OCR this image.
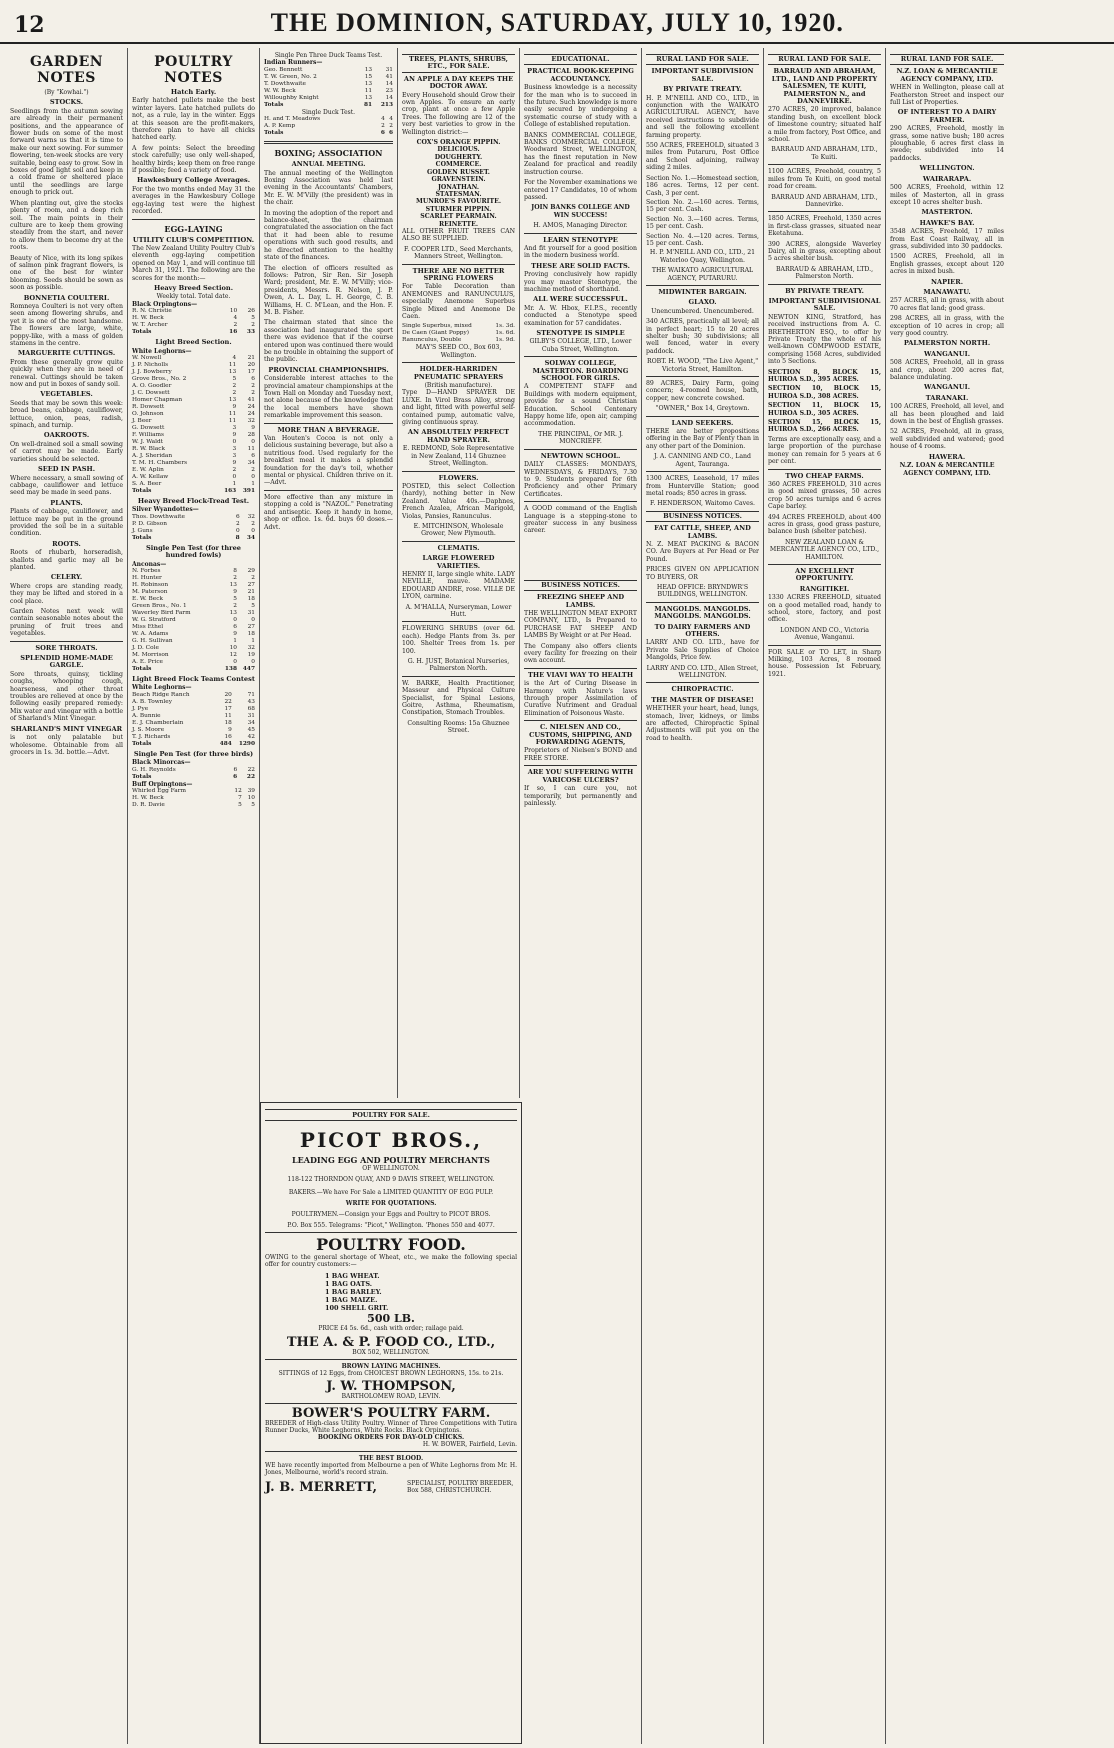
12	THE DOMINION, SATURDAY, JULY 10, 1920.
GARDEN NOTES
(By "Kowhai.")
STOCKS.

Seedlings from the autumn sowing are already in their permanent positions, and the appearance of flower buds on some of the most forward warns us that it is time to make our next sowing. For summer flowering, ten-week stocks are very suitable, being easy to grow. Sow in boxes of good light soil and keep in a cold frame or sheltered place until the seedlings are large enough to prick out.

When planting out, give the stocks plenty of room, and a deep rich soil. The main points in their culture are to keep them growing steadily from the start, and never to allow them to become dry at the roots.

Beauty of Nice, with its long spikes of salmon pink fragrant flowers, is one of the best for winter blooming. Seeds should be sown as soon as possible.

BONNETIA COULTERI.

Romneya Coulteri is not very often seen among flowering shrubs, and yet it is one of the most handsome. The flowers are large, white, poppy-like, with a mass of golden stamens in the centre.

MARGUERITE CUTTINGS.

From these generally grow quite quickly when they are in need of renewal. Cuttings should be taken now and put in boxes of sandy soil.

VEGETABLES.

Seeds that may be sown this week: broad beans, cabbage, cauliflower, lettuce, onion, peas, radish, spinach, and turnip.

OAKROOTS.

On well-drained soil a small sowing of carrot may be made. Early varieties should be selected.

SEED IN PASH.

Where necessary, a small sowing of cabbage, cauliflower and lettuce seed may be made in seed pans.

PLANTS.

Plants of cabbage, cauliflower, and lettuce may be put in the ground provided the soil be in a suitable condition.

ROOTS.

Roots of rhubarb, horseradish, shallots and garlic may all be planted.

CELERY.

Where crops are standing ready, they may be lifted and stored in a cool place.

Garden Notes next week will contain seasonable notes about the pruning of fruit trees and vegetables.

SORE THROATS.
SPLENDID HOME-MADE GARGLE.

Sore throats, quinsy, tickling coughs, whooping cough, hoarseness, and other throat troubles are relieved at once by the following easily prepared remedy: Mix water and vinegar with a bottle of Sharland's Mint Vinegar.

SHARLAND'S MINT VINEGAR

is not only palatable but wholesome. Obtainable from all grocers in 1s. 3d. bottle.—Advt.

POULTRY NOTES
Hatch Early.

Early hatched pullets make the best winter layers. Late hatched pullets do not, as a rule, lay in the winter. Eggs at this season are the profit-makers, therefore plan to have all chicks hatched early.

A few points: Select the breeding stock carefully; use only well-shaped, healthy birds; keep them on free range if possible; feed a variety of food.

Hawkesbury College Averages.

For the two months ended May 31 the averages in the Hawkesbury College egg-laying test were the highest recorded.

EGG-LAYING
UTILITY CLUB'S COMPETITION.

The New Zealand Utility Poultry Club's eleventh egg-laying competition opened on May 1, and will continue till March 31, 1921. The following are the scores for the month:—

Heavy Breed Section.
Weekly total. Total date.
Black Orpingtons—
R. N. Christie	10	26
H. W. Beck	4	5
W. T. Archer	2	2
Totals	16	33
Light Breed Section.
White Leghorns—
W. Nowell	4	21
J. P. Nicholls	11	20
J. J. Bowberry	13	17
Grove Bros., No. 2	5	6
A. O. Goodler	2	2
J. C. Dowsett	2	2
Homer Chapman	13	41
R. Dowsett	9	24
O. Johnson	11	24
J. Beer	11	32
G. Dowsett	3	9
F. Williams	9	28
W. J. Waldt	0	0
R. W. Black	3	11
A. J. Sheridan	3	6
T. M. H. Chambers	9	34
E. W. Aplin	2	2
A. W. Kellaw	0	0
S. A. Beer	1	1
Totals	163	391
Heavy Breed Flock-Tread Test.
Silver Wyandottes—
Thos. Dowthwaite	6	32
P. D. Gibson	2	2
J. Guns	0	0
Totals	8	34
Single Pen Test (for three hundred fowls)
Anconas—
N. Forbes	8	29
H. Hunter	2	2
H. Robinson	13	27
M. Paterson	9	21
E. W. Beck	5	18
Green Bros., No. 1	2	5
Waverley Bird Farm	13	31
W. G. Stratford	0	0
Miss Ethel	6	27
W. A. Adams	9	18
G. H. Sullivan	1	1
J. D. Cole	10	32
M. Morrison	12	19
A. E. Price	0	0
Totals	138	447
Light Breed Flock Teams Contest
White Leghorns—
Beach Ridge Ranch	20	71
A. B. Townley	22	43
J. Pye	17	68
A. Bunnie	11	31
E. J. Chamberlain	18	34
J. S. Moore	9	45
T. J. Richards	16	42
Totals	484	1290
Single Pen Test (for three birds)
Black Minorcas—
G. H. Reynolds	6	22
Totals	6	22
Buff Orpingtons—
Whirled Egg Farm	12	39
H. W. Beck	7	10
D. R. Davie	5	5
Single Pen Three Duck Teams Test.
Indian Runners—
Geo. Bennett	13	31
T. W. Green, No. 2	15	41
T. Dowthwaite	13	14
W. W. Beck	11	23
Willoughby Knight	13	14
Totals	81	213
Single Duck Test.
H. and T. Meadows	4	4
A. P. Kemp	2	2
Totals	6	6
BOXING; ASSOCIATION
ANNUAL MEETING.

The annual meeting of the Wellington Boxing Association was held last evening in the Accountants' Chambers, Mr. E. W. M'Villy (the president) was in the chair.

In moving the adoption of the report and balance-sheet, the chairman congratulated the association on the fact that it had been able to resume operations with such good results, and he directed attention to the healthy state of the finances.

The election of officers resulted as follows: Patron, Sir Ren. Sir Joseph Ward; president, Mr. E. W. M'Villy; vice-presidents, Messrs. R. Nelson, J. P. Owen, A. L. Day, L. H. George, C. B. Williams, H. C. M'Lean, and the Hon. F. M. B. Fisher.

The chairman stated that since the association had inaugurated the sport there was evidence that if the course entered upon was continued there would be no trouble in obtaining the support of the public.

PROVINCIAL CHAMPIONSHIPS.

Considerable interest attaches to the provincial amateur championships at the Town Hall on Monday and Tuesday next, not alone because of the knowledge that the local members have shown remarkable improvement this season.

MORE THAN A BEVERAGE.

Van Houten's Cocoa is not only a delicious sustaining beverage, but also a nutritious food. Used regularly for the breakfast meal it makes a splendid foundation for the day's toil, whether mental or physical. Children thrive on it.—Advt.

More effective than any mixture in stopping a cold is "NAZOL." Penetrating and antiseptic. Keep it handy in home, shop or office. 1s. 6d. buys 60 doses.—Advt.

TREES, PLANTS, SHRUBS, ETC., FOR SALE.
AN APPLE A DAY KEEPS THE DOCTOR AWAY.

Every Household should Grow their own Apples. To ensure an early crop, plant at once a few Apple Trees. The following are 12 of the very best varieties to grow in the Wellington district:—

COX'S ORANGE PIPPIN.
DELICIOUS.
DOUGHERTY.
COMMERCE.
GOLDEN RUSSET.
GRAVENSTEIN.
JONATHAN.
STATESMAN.
MUNROE'S FAVOURITE.
STURMER PIPPIN.
SCARLET PEARMAIN.
REINETTE.

ALL OTHER FRUIT TREES CAN ALSO BE SUPPLIED.

F. COOPER LTD., Seed Merchants, Manners Street, Wellington.

THERE ARE NO BETTER SPRING FLOWERS

For Table Decoration than ANEMONES and RANUNCULUS, especially Anemone Superbus Single Mixed and Anemone De Caen.

Single Superbus, mixed	1s. 3d.
De Caen (Giant Poppy)	1s. 6d.
Ranunculus, Double	1s. 9d.

MAY'S SEED CO., Box 603, Wellington.

HOLDER-HARRIDEN PNEUMATIC SPRAYERS
(British manufacture).

Type D—HAND SPRAYER DE LUXE. In Virol Brass Alloy, strong and light, fitted with powerful self-contained pump, automatic valve, giving continuous spray.

AN ABSOLUTELY PERFECT HAND SPRAYER.

E. REDMOND, Sole Representative in New Zealand, 114 Ghuznee Street, Wellington.

FLOWERS.

POSTED, this select Collection (hardy), nothing better in New Zealand. Value 40s.—Daphnes, French Azalea, African Marigold, Violas, Pansies, Ranunculus.

E. MITCHINSON, Wholesale Grower, New Plymouth.

CLEMATIS.
LARGE FLOWERED VARIETIES.

HENRY II, large single white. LADY NEVILLE, mauve. MADAME EDOUARD ANDRE, rose. VILLE DE LYON, carmine.

A. M'HALLA, Nurseryman, Lower Hutt.

FLOWERING SHRUBS (over 6d. each). Hedge Plants from 3s. per 100. Shelter Trees from 1s. per 100.

G. H. JUST, Botanical Nurseries, Palmerston North.

W. BARKE, Health Practitioner, Masseur and Physical Culture Specialist, for Spinal Lesions, Goitre, Asthma, Rheumatism, Constipation, Stomach Troubles.

Consulting Rooms: 15a Ghuznee Street.

EDUCATIONAL.
PRACTICAL BOOK-KEEPING ACCOUNTANCY.

Business knowledge is a necessity for the man who is to succeed in the future. Such knowledge is more easily secured by undergoing a systematic course of study with a College of established reputation.

BANKS COMMERCIAL COLLEGE, BANKS COMMERCIAL COLLEGE, Woodward Street, WELLINGTON, has the finest reputation in New Zealand for practical and readily instruction course.

For the November examinations we entered 17 Candidates, 10 of whom passed.

JOIN BANKS COLLEGE AND WIN SUCCESS!

H. AMOS, Managing Director.

LEARN STENOTYPE

And fit yourself for a good position in the modern business world.

THESE ARE SOLID FACTS.

Proving conclusively how rapidly you may master Stenotype, the machine method of shorthand.

ALL WERE SUCCESSFUL.

Mr. A. W. Hbox, F.I.P.S., recently conducted a Stenotype speed examination for 57 candidates.

STENOTYPE IS SIMPLE

GILBY'S COLLEGE, LTD., Lower Cuba Street, Wellington.

SOLWAY COLLEGE, MASTERTON. BOARDING SCHOOL FOR GIRLS.

A COMPETENT STAFF and Buildings with modern equipment, provide for a sound Christian Education. School Centenary Happy home life, open air, camping accommodation.

THE PRINCIPAL, Or MR. J. MONCRIEFF.

NEWTOWN SCHOOL.

DAILY CLASSES: MONDAYS, WEDNESDAYS, & FRIDAYS, 7.30 to 9. Students prepared for 6th Proficiency and other Primary Certificates.

A GOOD command of the English Language is a stepping-stone to greater success in any business career.

BUSINESS NOTICES.
FREEZING SHEEP AND LAMBS.

THE WELLINGTON MEAT EXPORT COMPANY, LTD., Is Prepared to PURCHASE FAT SHEEP AND LAMBS By Weight or at Per Head.

The Company also offers clients every facility for freezing on their own account.

THE VIAVI WAY TO HEALTH

is the Art of Curing Disease in Harmony with Nature's laws through proper Assimilation of Curative Nutriment and Gradual Elimination of Poisonous Waste.

C. NIELSEN AND CO., CUSTOMS, SHIPPING, AND FORWARDING AGENTS,

Proprietors of Nielsen's BOND and FREE STORE.

ARE YOU SUFFERING WITH VARICOSE ULCERS?

If so, I can cure you, not temporarily, but permanently and painlessly.

RURAL LAND FOR SALE.
IMPORTANT SUBDIVISION SALE.
BY PRIVATE TREATY.

H. P. M'NEILL AND CO., LTD., in conjunction with the WAIKATO AGRICULTURAL AGENCY, have received instructions to subdivide and sell the following excellent farming property.

550 ACRES, FREEHOLD, situated 3 miles from Putaruru, Post Office and School adjoining, railway siding 2 miles.

Section No. 1.—Homestead section, 186 acres. Terms, 12 per cent. Cash, 3 per cent.
Section No. 2.—160 acres. Terms, 15 per cent. Cash.
Section No. 3.—160 acres. Terms, 15 per cent. Cash.
Section No. 4.—120 acres. Terms, 15 per cent. Cash.

H. P. M'NEILL AND CO., LTD., 21 Waterloo Quay, Wellington.

THE WAIKATO AGRICULTURAL AGENCY, PUTARURU.

MIDWINTER BARGAIN.
GLAXO.

Unencumbered. Unencumbered.

340 ACRES, practically all level; all in perfect heart; 15 to 20 acres shelter bush; 30 subdivisions; all well fenced, water in every paddock.

ROBT. H. WOOD, "The Live Agent," Victoria Street, Hamilton.

89 ACRES, Dairy Farm, going concern; 4-roomed house, bath, copper, new concrete cowshed.

"OWNER," Box 14, Greytown.

LAND SEEKERS.

THERE are better propositions offering in the Bay of Plenty than in any other part of the Dominion.

J. A. CANNING AND CO., Land Agent, Tauranga.

1300 ACRES, Leasehold, 17 miles from Hunterville Station; good metal roads; 850 acres in grass.

F. HENDERSON, Waitomo Caves.

BUSINESS NOTICES.
FAT CATTLE, SHEEP, AND LAMBS.

N. Z. MEAT PACKING & BACON CO. Are Buyers at Per Head or Per Pound.

PRICES GIVEN ON APPLICATION TO BUYERS, OR

HEAD OFFICE: BRYNDWR'S BUILDINGS, WELLINGTON.

MANGOLDS. MANGOLDS. MANGOLDS. MANGOLDS.
TO DAIRY FARMERS AND OTHERS.

LARRY AND CO. LTD., have for Private Sale Supplies of Choice Mangolds, Price few.

LARRY AND CO. LTD., Allen Street, WELLINGTON.

CHIROPRACTIC.
THE MASTER OF DISEASE!

WHETHER your heart, head, lungs, stomach, liver, kidneys, or limbs are affected, Chiropractic Spinal Adjustments will put you on the road to health.

RURAL LAND FOR SALE.
BARRAUD AND ABRAHAM, LTD., LAND AND PROPERTY SALESMEN, TE KUITI, PALMERSTON N., and DANNEVIRKE.

270 ACRES, 20 improved, balance standing bush, on excellent block of limestone country; situated half a mile from factory, Post Office, and school.

BARRAUD AND ABRAHAM, LTD., Te Kuiti.

1100 ACRES, Freehold, country, 5 miles from Te Kuiti, on good metal road for cream.

BARRAUD AND ABRAHAM, LTD., Dannevirke.

1850 ACRES, Freehold, 1350 acres in first-class grasses, situated near Eketahuna.

390 ACRES, alongside Waverley Dairy, all in grass, excepting about 5 acres shelter bush.

BARRAUD & ABRAHAM, LTD., Palmerston North.

BY PRIVATE TREATY.
IMPORTANT SUBDIVISIONAL SALE.

NEWTON KING, Stratford, has received instructions from A. C. BRETHERTON ESQ., to offer by Private Treaty the whole of his well-known COMPWOOD ESTATE, comprising 1568 Acres, subdivided into 5 Sections.

SECTION 8, BLOCK 15, HUIROA S.D., 395 ACRES.
SECTION 10, BLOCK 15, HUIROA S.D., 308 ACRES.
SECTION 11, BLOCK 15, HUIROA S.D., 305 ACRES.
SECTION 15, BLOCK 15, HUIROA S.D., 266 ACRES.

Terms are exceptionally easy, and a large proportion of the purchase money can remain for 5 years at 6 per cent.

TWO CHEAP FARMS.

360 ACRES FREEHOLD, 310 acres in good mixed grasses, 50 acres crop 50 acres turnips and 6 acres Cape barley.

494 ACRES FREEHOLD, about 400 acres in grass, good grass pasture, balance bush (shelter patches).

NEW ZEALAND LOAN & MERCANTILE AGENCY CO., LTD., HAMILTON.

AN EXCELLENT OPPORTUNITY.
RANGITIKEI.

1330 ACRES FREEHOLD, situated on a good metalled road, handy to school, store, factory, and post office.

LONDON AND CO., Victoria Avenue, Wanganui.

FOR SALE or TO LET, in Sharp Milking, 103 Acres, 8 roomed house. Possession Ist February, 1921.

RURAL LAND FOR SALE.
N.Z. LOAN & MERCANTILE AGENCY COMPANY, LTD.

WHEN in Wellington, please call at Featherston Street and inspect our full List of Properties.

OF INTEREST TO A DAIRY FARMER.

290 ACRES, Freehold, mostly in grass, some native bush; 180 acres ploughable, 6 acres first class in swede; subdivided into 14 paddocks.

WELLINGTON.
WAIRARAPA.

500 ACRES, Freehold, within 12 miles of Masterton, all in grass except 10 acres shelter bush.

MASTERTON.
HAWKE'S BAY.

3548 ACRES, Freehold, 17 miles from East Coast Railway, all in grass, subdivided into 30 paddocks.

1500 ACRES, Freehold, all in English grasses, except about 120 acres in mixed bush.

NAPIER.
MANAWATU.

257 ACRES, all in grass, with about 70 acres flat land; good grass.

298 ACRES, all in grass, with the exception of 10 acres in crop; all very good country.

PALMERSTON NORTH.
WANGANUI.

508 ACRES, Freehold, all in grass and crop, about 200 acres flat, balance undulating.

WANGANUI.
TARANAKI.

100 ACRES, Freehold, all level, and all has been ploughed and laid down in the best of English grasses.

52 ACRES, Freehold, all in grass, well subdivided and watered; good house of 4 rooms.

HAWERA.

N.Z. LOAN & MERCANTILE AGENCY COMPANY, LTD.

POULTRY FOR SALE.
PICOT BROS.,
LEADING EGG AND POULTRY MERCHANTS
OF WELLINGTON.
118-122 THORNDON QUAY, AND 9 DAVIS STREET, WELLINGTON.
BAKERS.—We have For Sale a LIMITED QUANTITY OF EGG PULP.
WRITE FOR QUOTATIONS.
POULTRYMEN.—Consign your Eggs and Poultry to PICOT BROS.
P.O. Box 555. Telegrams: "Picot," Wellington. 'Phones 550 and 4077.
POULTRY FOOD.
OWING to the general shortage of Wheat, etc., we make the following special offer for country customers:—
1 BAG WHEAT.
1 BAG OATS.
1 BAG BARLEY.
1 BAG MAIZE.
100 SHELL GRIT.
500 LB.
PRICE £4 5s. 6d., cash with order; railage paid.
THE A. & P. FOOD CO., LTD.,
BOX 502, WELLINGTON.
BROWN LAYING MACHINES.
SITTINGS of 12 Eggs, from CHOICEST BROWN LEGHORNS, 15s. to 21s.
J. W. THOMPSON,
BARTHOLOMEW ROAD, LEVIN.
BOWER'S POULTRY FARM.
BREEDER of High-class Utility Poultry. Winner of Three Competitions with Tutira Runner Ducks, White Leghorns, White Rocks. Black Orpingtons.
BOOKING ORDERS FOR DAY-OLD CHICKS.
H. W. BOWER, Fairfield, Levin.
THE BEST BLOOD.
WE have recently imported from Melbourne a pen of White Leghorns from Mr. H. Jones, Melbourne, world's record strain.
J. B. MERRETT,	SPECIALIST, POULTRY BREEDER, Box 588, CHRISTCHURCH.
